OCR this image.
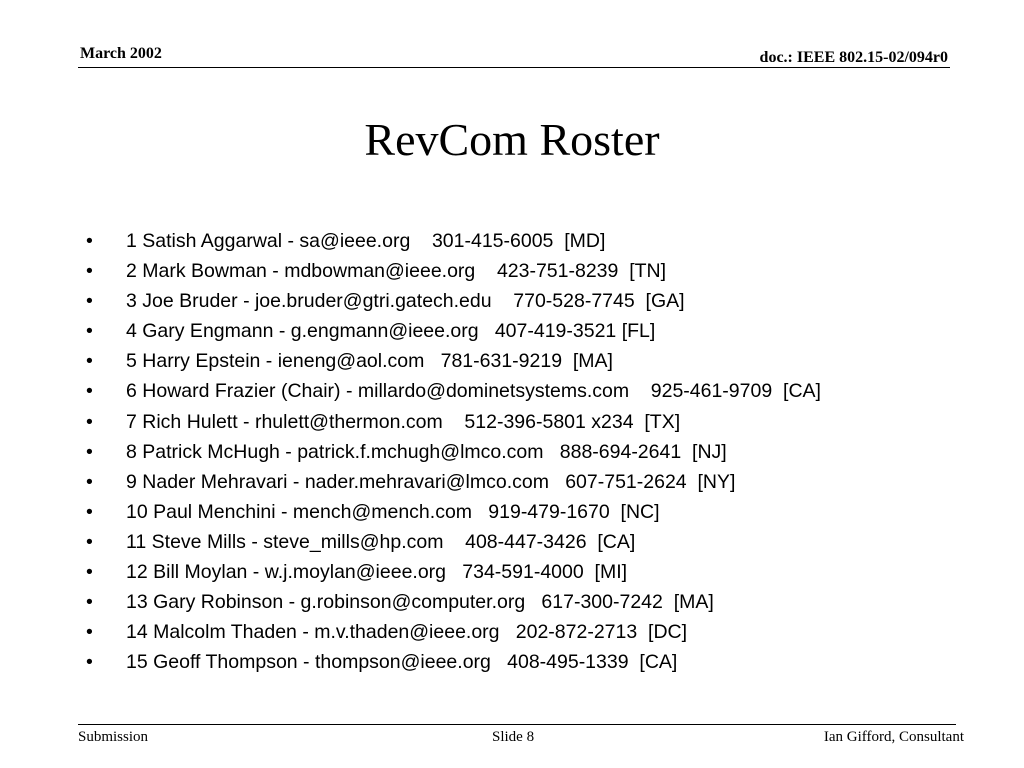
March 2002	doc.: IEEE 802.15-02/094r0
RevCom Roster
• 1 Satish Aggarwal - sa@ieee.org    301-415-6005  [MD]
• 2 Mark Bowman - mdbowman@ieee.org    423-751-8239  [TN]
• 3 Joe Bruder - joe.bruder@gtri.gatech.edu    770-528-7745  [GA]
• 4 Gary Engmann - g.engmann@ieee.org   407-419-3521 [FL]
• 5 Harry Epstein - ieneng@aol.com   781-631-9219  [MA]
• 6 Howard Frazier (Chair) - millardo@dominetsystems.com    925-461-9709  [CA]
• 7 Rich Hulett - rhulett@thermon.com    512-396-5801 x234  [TX]
• 8 Patrick McHugh - patrick.f.mchugh@lmco.com   888-694-2641  [NJ]
• 9 Nader Mehravari - nader.mehravari@lmco.com   607-751-2624  [NY]
• 10 Paul Menchini - mench@mench.com   919-479-1670  [NC]
• 11 Steve Mills - steve_mills@hp.com    408-447-3426  [CA]
• 12 Bill Moylan - w.j.moylan@ieee.org   734-591-4000  [MI]
• 13 Gary Robinson - g.robinson@computer.org   617-300-7242  [MA]
• 14 Malcolm Thaden - m.v.thaden@ieee.org   202-872-2713  [DC]
• 15 Geoff Thompson - thompson@ieee.org   408-495-1339  [CA]
Submission	Slide 8	Ian Gifford, Consultant
